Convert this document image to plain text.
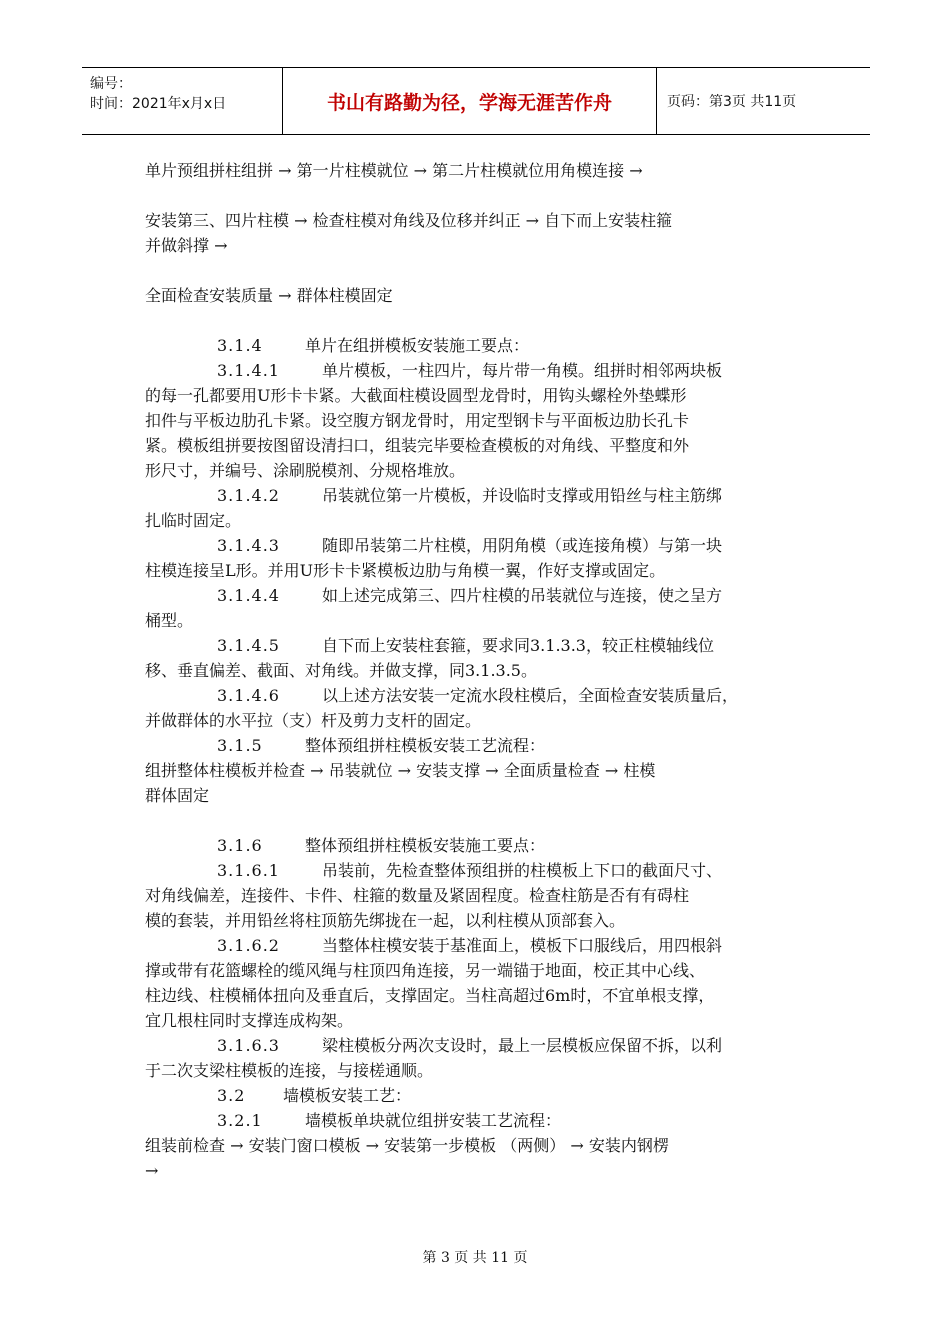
编号：
时间：2021年x月x日	书山有路勤为径，学海无涯苦作舟	页码：第3页 共11页

单片预组拼柱组拼 → 第一片柱模就位 → 第二片柱模就位用角模连接 →

安装第三、四片柱模 → 检查柱模对角线及位移并纠正 → 自下而上安装柱箍

并做斜撑 →

全面检查安装质量 → 群体柱模固定

3.1.4	单片在组拼模板安装施工要点：

3.1.4.1	单片模板，一柱四片，每片带一角模。组拼时相邻两块板

的每一孔都要用U形卡卡紧。大截面柱模设圆型龙骨时，用钩头螺栓外垫蝶形

扣件与平板边肋孔卡紧。设空腹方钢龙骨时，用定型钢卡与平面板边肋长孔卡

紧。模板组拼要按图留设清扫口，组装完毕要检查模板的对角线、平整度和外

形尺寸，并编号、涂刷脱模剂、分规格堆放。

3.1.4.2	吊装就位第一片模板，并设临时支撑或用铅丝与柱主筋绑

扎临时固定。

3.1.4.3	随即吊装第二片柱模，用阴角模（或连接角模）与第一块

柱模连接呈L形。并用U形卡卡紧模板边肋与角模一翼，作好支撑或固定。

3.1.4.4	如上述完成第三、四片柱模的吊装就位与连接，使之呈方

桶型。

3.1.4.5	自下而上安装柱套箍，要求同3.1.3.3，较正柱模轴线位

移、垂直偏差、截面、对角线。并做支撑，同3.1.3.5。

3.1.4.6	以上述方法安装一定流水段柱模后，全面检查安装质量后，

并做群体的水平拉（支）杆及剪力支杆的固定。

3.1.5	整体预组拼柱模板安装工艺流程：

组拼整体柱模板并检查 → 吊装就位 → 安装支撑 → 全面质量检查 → 柱模

群体固定

3.1.6	整体预组拼柱模板安装施工要点：

3.1.6.1	吊装前，先检查整体预组拼的柱模板上下口的截面尺寸、

对角线偏差，连接件、卡件、柱箍的数量及紧固程度。检查柱筋是否有有碍柱

模的套装，并用铅丝将柱顶筋先绑拢在一起，以利柱模从顶部套入。

3.1.6.2	当整体柱模安装于基准面上，模板下口服线后，用四根斜

撑或带有花篮螺栓的缆风绳与柱顶四角连接，另一端锚于地面，校正其中心线、

柱边线、柱模桶体扭向及垂直后，支撑固定。当柱高超过6m时，不宜单根支撑，

宜几根柱同时支撑连成构架。

3.1.6.3	梁柱模板分两次支设时，最上一层模板应保留不拆，以利

于二次支梁柱模板的连接，与接槎通顺。

3.2 墙模板安装工艺：

3.2.1	墙模板单块就位组拼安装工艺流程：

组装前检查 → 安装门窗口模板 → 安装第一步模板 （两侧） → 安装内钢楞

→

第 3 页 共 11 页
